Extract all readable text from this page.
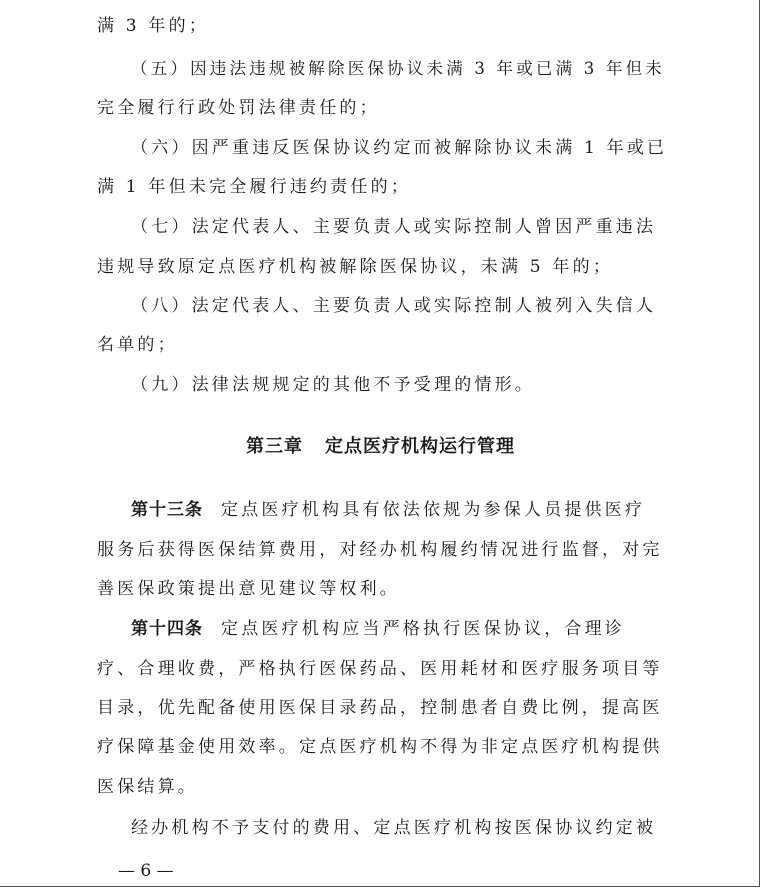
满 3 年的；
（五）因违法违规被解除医保协议未满 3 年或已满 3 年但未
完全履行行政处罚法律责任的；
（六）因严重违反医保协议约定而被解除协议未满 1 年或已
满 1 年但未完全履行违约责任的；
（七）法定代表人、主要负责人或实际控制人曾因严重违法
违规导致原定点医疗机构被解除医保协议，未满 5 年的；
（八）法定代表人、主要负责人或实际控制人被列入失信人
名单的；
（九）法律法规规定的其他不予受理的情形。
第三章 定点医疗机构运行管理
第十三条 定点医疗机构具有依法依规为参保人员提供医疗
服务后获得医保结算费用，对经办机构履约情况进行监督，对完
善医保政策提出意见建议等权利。
第十四条 定点医疗机构应当严格执行医保协议，合理诊
疗、合理收费，严格执行医保药品、医用耗材和医疗服务项目等
目录，优先配备使用医保目录药品，控制患者自费比例，提高医
疗保障基金使用效率。定点医疗机构不得为非定点医疗机构提供
医保结算。
经办机构不予支付的费用、定点医疗机构按医保协议约定被
— 6 —
